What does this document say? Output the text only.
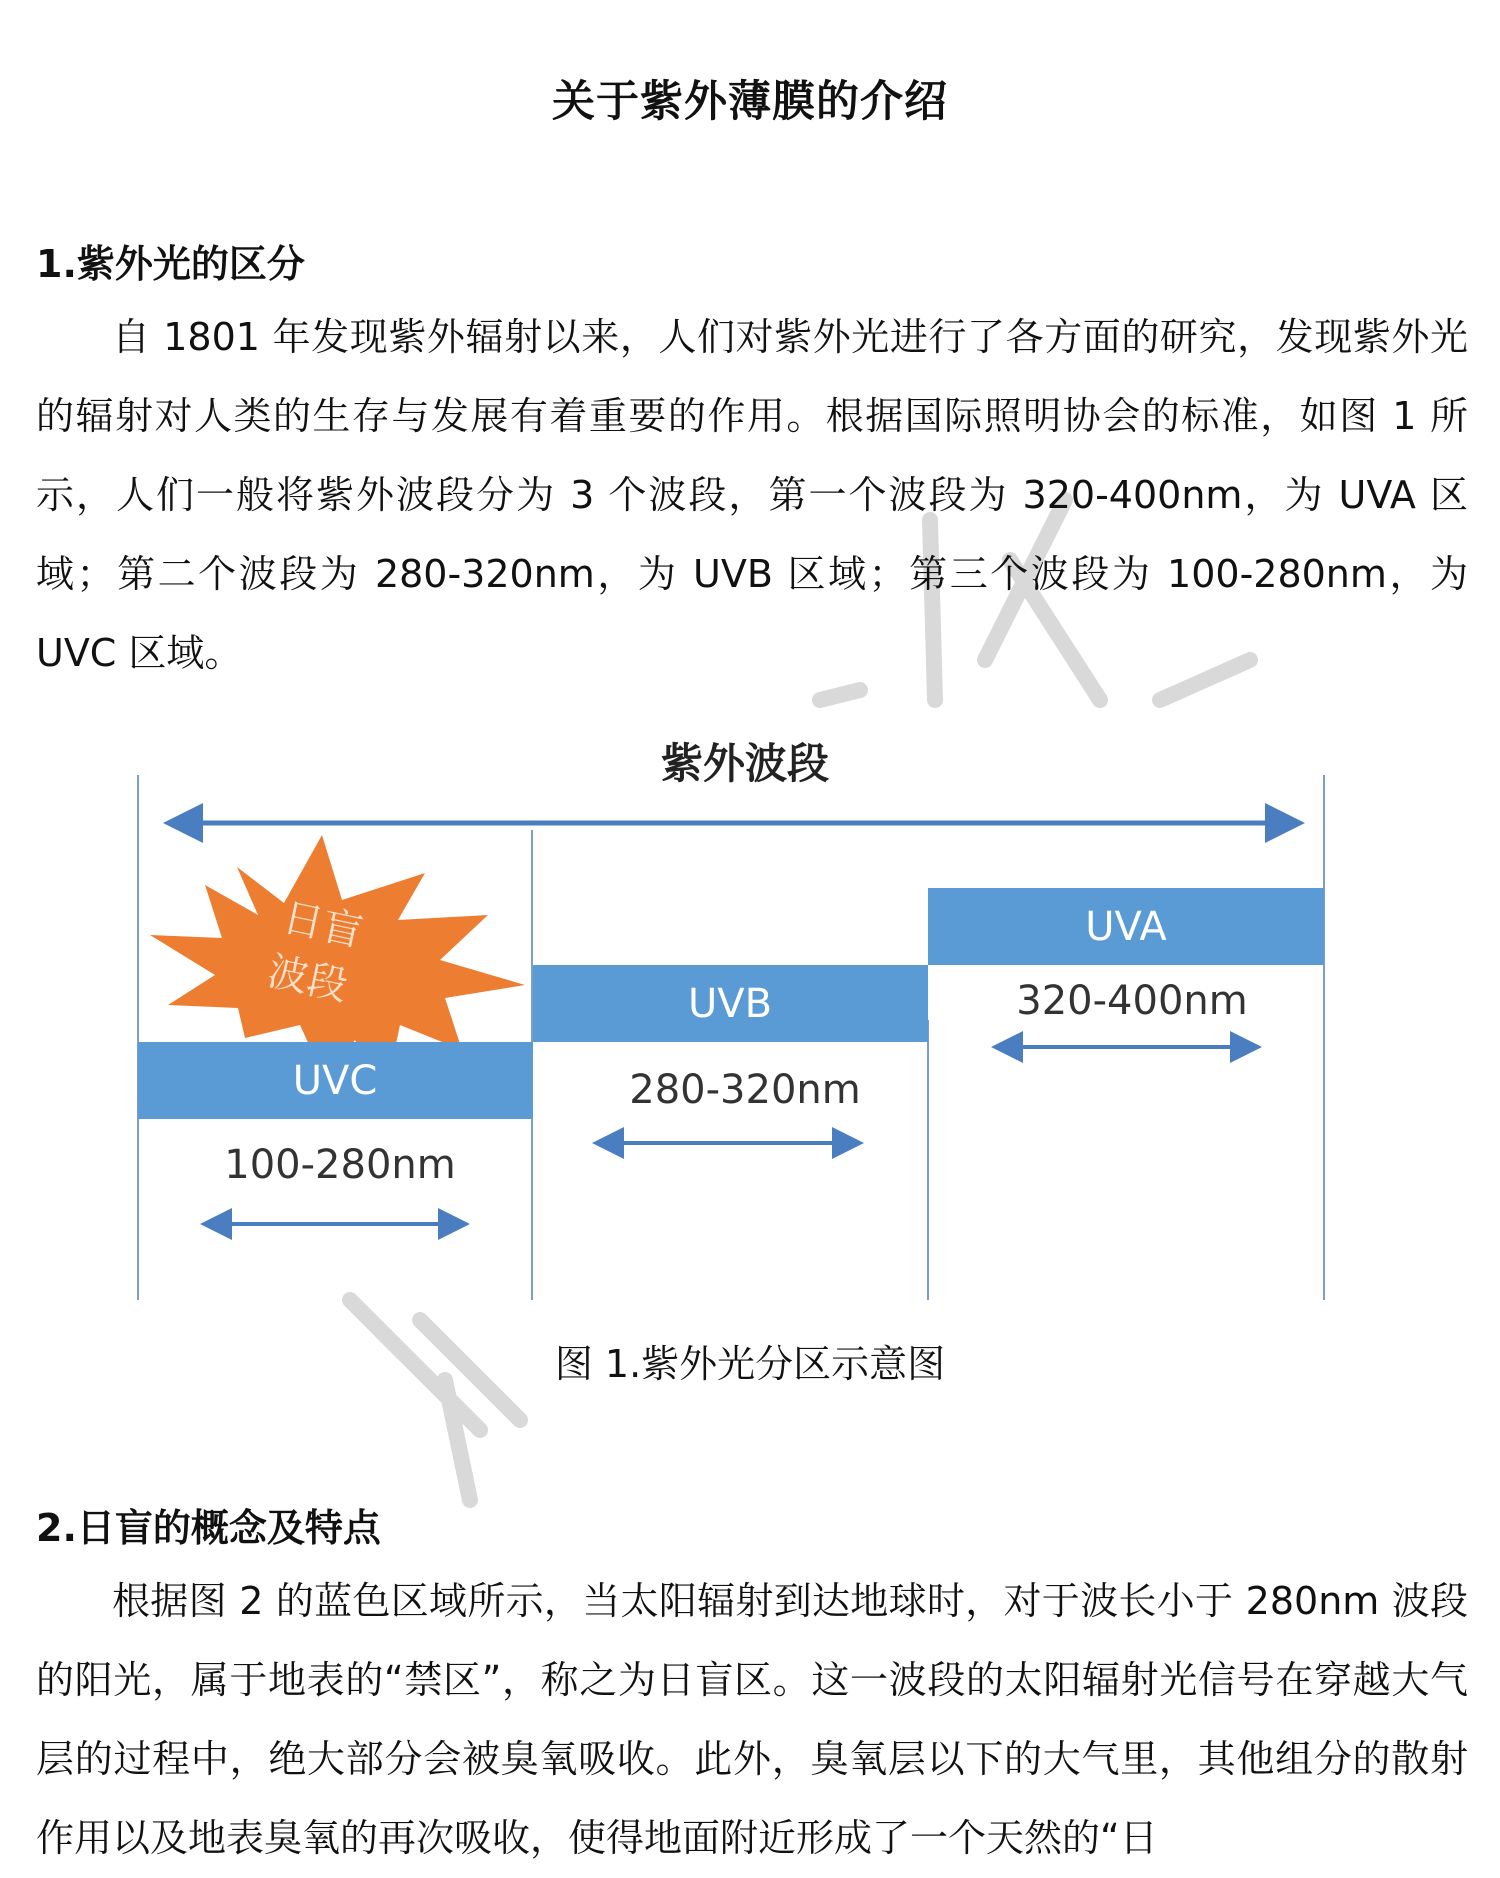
关于紫外薄膜的介绍
1.紫外光的区分
自 1801 年发现紫外辐射以来，人们对紫外光进行了各方面的研究，发现紫外光的辐射对人类的生存与发展有着重要的作用。根据国际照明协会的标准，如图 1 所示，人们一般将紫外波段分为 3 个波段，第一个波段为 320-400nm，为 UVA 区域；第二个波段为 280-320nm，为 UVB 区域；第三个波段为 100-280nm，为 UVC 区域。
紫外波段
日盲
波段
UVC
100-280nm
UVB
280-320nm
UVA
320-400nm
图 1.紫外光分区示意图
2.日盲的概念及特点
根据图 2 的蓝色区域所示，当太阳辐射到达地球时，对于波长小于 280nm 波段的阳光，属于地表的“禁区”，称之为日盲区。这一波段的太阳辐射光信号在穿越大气层的过程中，绝大部分会被臭氧吸收。此外，臭氧层以下的大气里，其他组分的散射作用以及地表臭氧的再次吸收，使得地面附近形成了一个天然的“日
